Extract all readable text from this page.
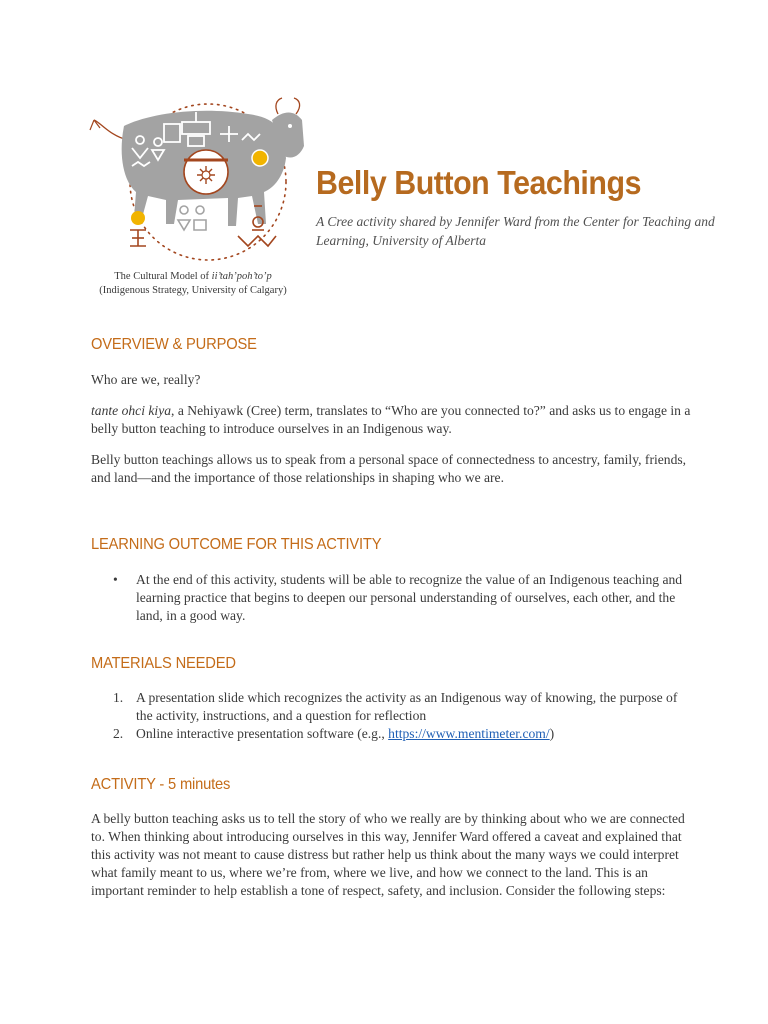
The Cultural Model of ii’tah’poh’to’p
(Indigenous Strategy, University of Calgary)
Belly Button Teachings
A Cree activity shared by Jennifer Ward from the Center for Teaching and Learning, University of Alberta
OVERVIEW & PURPOSE

Who are we, really?

tante ohci kiya, a Nehiyawk (Cree) term, translates to “Who are you connected to?” and asks us to engage in a belly button teaching to introduce ourselves in an Indigenous way.

Belly button teachings allows us to speak from a personal space of connectedness to ancestry, family, friends, and land—and the importance of those relationships in shaping who we are.

LEARNING OUTCOME FOR THIS ACTIVITY
• At the end of this activity, students will be able to recognize the value of an Indigenous teaching and learning practice that begins to deepen our personal understanding of ourselves, each other, and the land, in a good way.
MATERIALS NEEDED
1. A presentation slide which recognizes the activity as an Indigenous way of knowing, the purpose of the activity, instructions, and a question for reflection
2. Online interactive presentation software (e.g., https://www.mentimeter.com/)
ACTIVITY - 5 minutes

A belly button teaching asks us to tell the story of who we really are by thinking about who we are connected to. When thinking about introducing ourselves in this way, Jennifer Ward offered a caveat and explained that this activity was not meant to cause distress but rather help us think about the many ways we could interpret what family meant to us, where we’re from, where we live, and how we connect to the land. This is an important reminder to help establish a tone of respect, safety, and inclusion. Consider the following steps:
